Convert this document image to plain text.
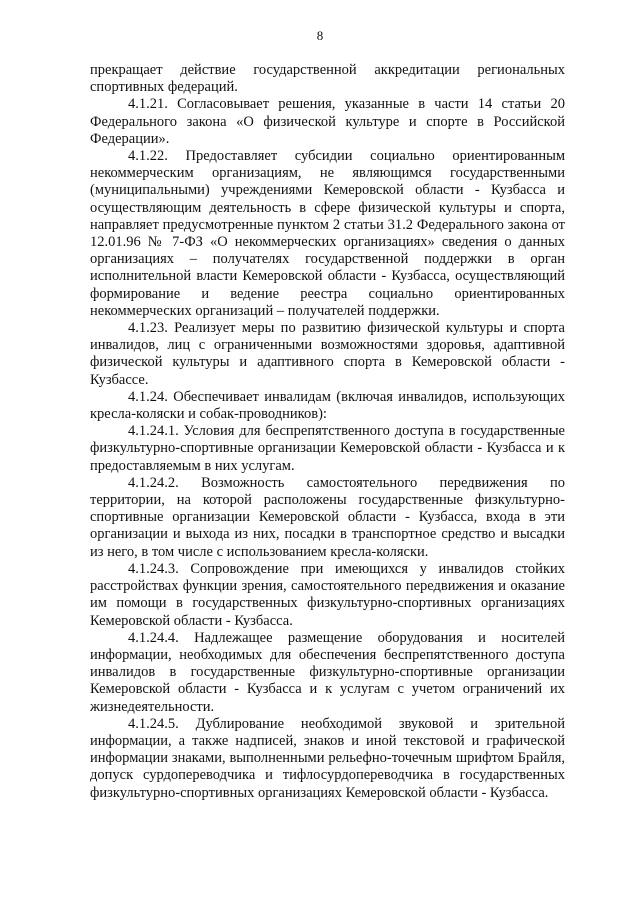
8

прекращает действие государственной аккредитации региональных спортивных федераций.

4.1.21. Согласовывает решения, указанные в части 14 статьи 20 Федерального закона «О физической культуре и спорте в Российской Федерации».

4.1.22. Предоставляет субсидии социально ориентированным некоммерческим организациям, не являющимся государственными (муниципальными) учреждениями Кемеровской области - Кузбасса и осуществляющим деятельность в сфере физической культуры и спорта, направляет предусмотренные пунктом 2 статьи 31.2 Федерального закона от 12.01.96 № 7-ФЗ «О некоммерческих организациях» сведения о данных организациях – получателях государственной поддержки в орган исполнительной власти Кемеровской области - Кузбасса, осуществляющий формирование и ведение реестра социально ориентированных некоммерческих организаций – получателей поддержки.

4.1.23. Реализует меры по развитию физической культуры и спорта инвалидов, лиц с ограниченными возможностями здоровья, адаптивной физической культуры и адаптивного спорта в Кемеровской области - Кузбассе.

4.1.24. Обеспечивает инвалидам (включая инвалидов, использующих кресла-коляски и собак-проводников):

4.1.24.1. Условия для беспрепятственного доступа в государственные физкультурно-спортивные организации Кемеровской области - Кузбасса и к предоставляемым в них услугам.

4.1.24.2. Возможность самостоятельного передвижения по территории, на которой расположены государственные физкультурно-спортивные организации Кемеровской области - Кузбасса, входа в эти организации и выхода из них, посадки в транспортное средство и высадки из него, в том числе с использованием кресла-коляски.

4.1.24.3. Сопровождение при имеющихся у инвалидов стойких расстройствах функции зрения, самостоятельного передвижения и оказание им помощи в государственных физкультурно-спортивных организациях Кемеровской области - Кузбасса.

4.1.24.4. Надлежащее размещение оборудования и носителей информации, необходимых для обеспечения беспрепятственного доступа инвалидов в государственные физкультурно-спортивные организации Кемеровской области - Кузбасса и к услугам с учетом ограничений их жизнедеятельности.

4.1.24.5. Дублирование необходимой звуковой и зрительной информации, а также надписей, знаков и иной текстовой и графической информации знаками, выполненными рельефно-точечным шрифтом Брайля, допуск сурдопереводчика и тифлосурдопереводчика в государственных физкультурно-спортивных организациях Кемеровской области - Кузбасса.
